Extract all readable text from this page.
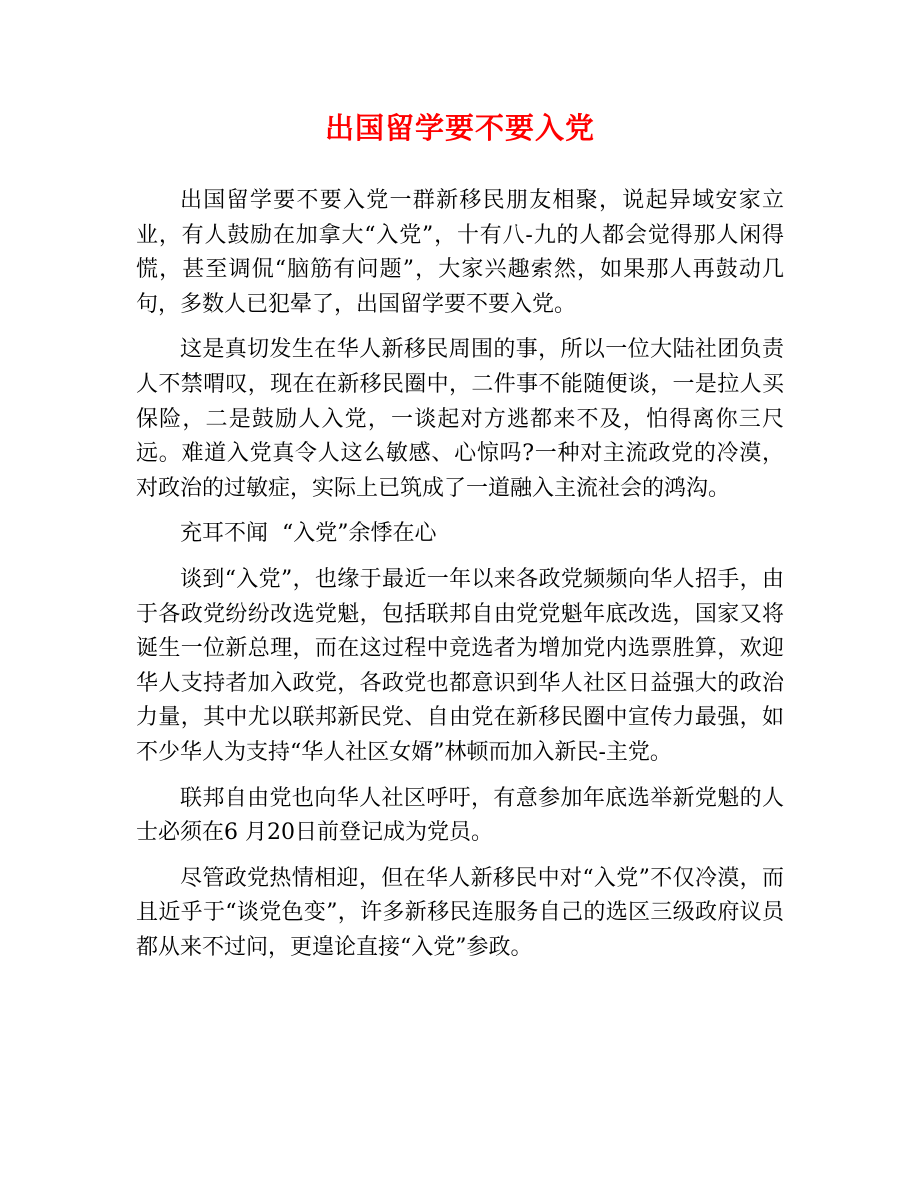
出国留学要不要入党

出国留学要不要入党一群新移民朋友相聚，说起异域安家立业，有人鼓励在加拿大“入党”，十有八-九的人都会觉得那人闲得慌，甚至调侃“脑筋有问题”，大家兴趣索然，如果那人再鼓动几句，多数人已犯晕了，出国留学要不要入党。

这是真切发生在华人新移民周围的事，所以一位大陆社团负责人不禁喟叹，现在在新移民圈中，二件事不能随便谈，一是拉人买保险，二是鼓励人入党，一谈起对方逃都来不及，怕得离你三尺远。难道入党真令人这么敏感、心惊吗?一种对主流政党的冷漠，对政治的过敏症，实际上已筑成了一道融入主流社会的鸿沟。

充耳不闻  “入党”余悸在心

谈到“入党”，也缘于最近一年以来各政党频频向华人招手，由于各政党纷纷改选党魁，包括联邦自由党党魁年底改选，国家又将诞生一位新总理，而在这过程中竞选者为增加党内选票胜算，欢迎华人支持者加入政党，各政党也都意识到华人社区日益强大的政治力量，其中尤以联邦新民党、自由党在新移民圈中宣传力最强，如不少华人为支持“华人社区女婿”林顿而加入新民-主党。

联邦自由党也向华人社区呼吁，有意参加年底选举新党魁的人士必须在6 月20日前登记成为党员。

尽管政党热情相迎，但在华人新移民中对“入党”不仅冷漠，而且近乎于“谈党色变”，许多新移民连服务自己的选区三级政府议员都从来不过问，更遑论直接“入党”参政。
